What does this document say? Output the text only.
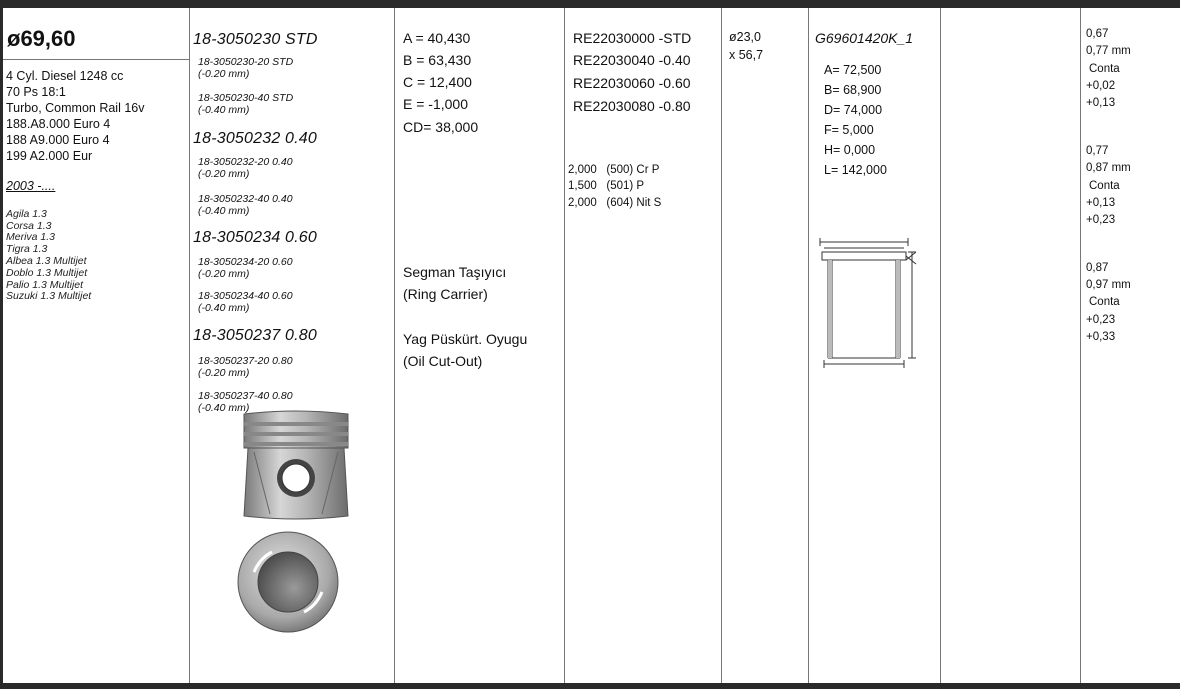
ø69,60
4 Cyl. Diesel 1248 cc
70 Ps 18:1
Turbo, Common Rail 16v
188.A8.000 Euro 4
188 A9.000 Euro 4
199 A2.000 Eur
2003 -....
Agila 1.3
Corsa 1.3
Meriva 1.3
Tigra 1.3
Albea 1.3 Multijet
Doblo 1.3 Multijet
Palio 1.3 Multijet
Suzuki 1.3 Multijet
18-3050230 STD
18-3050230-20 STD
(-0.20 mm)
18-3050230-40 STD
(-0.40 mm)
18-3050232 0.40
18-3050232-20 0.40
(-0.20 mm)
18-3050232-40 0.40
(-0.40 mm)
18-3050234 0.60
18-3050234-20 0.60
(-0.20 mm)
18-3050234-40 0.60
(-0.40 mm)
18-3050237 0.80
18-3050237-20 0.80
(-0.20 mm)
18-3050237-40 0.80
(-0.40 mm)
A = 40,430
B = 63,430
C = 12,400
E = -1,000
CD= 38,000
Segman Taşıyıcı
(Ring Carrier)
Yag Püskürt. Oyugu
(Oil Cut-Out)
RE22030000 -STD
RE22030040 -0.40
RE22030060 -0.60
RE22030080 -0.80
2,000   (500) Cr P
1,500   (501) P
2,000   (604) Nit S
ø23,0
x 56,7
G69601420K_1
A= 72,500
B= 68,900
D= 74,000
F= 5,000
H= 0,000
L= 142,000
0,67
0,77 mm
Conta
+0,02
+0,13
0,77
0,87 mm
Conta
+0,13
+0,23
0,87
0,97 mm
Conta
+0,23
+0,33
